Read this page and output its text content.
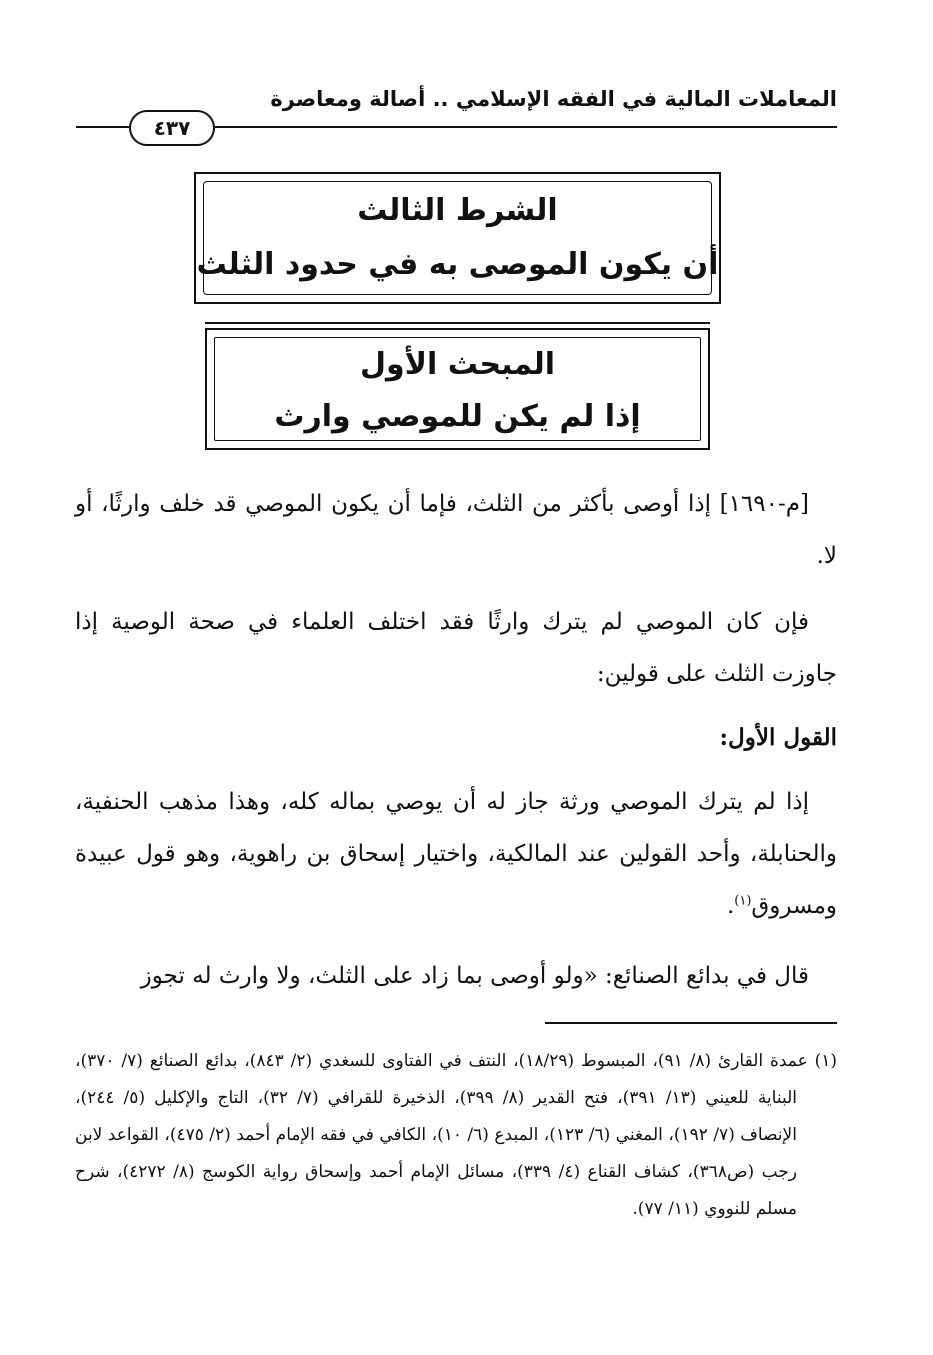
المعاملات المالية في الفقه الإسلامي .. أصالة ومعاصرة
٤٣٧
الشرط الثالث
أن يكون الموصى به في حدود الثلث
المبحث الأول
إذا لم يكن للموصي وارث

[م-١٦٩٠] إذا أوصى بأكثر من الثلث، فإما أن يكون الموصي قد خلف وارثًا، أو لا.

فإن كان الموصي لم يترك وارثًا فقد اختلف العلماء في صحة الوصية إذا جاوزت الثلث على قولين:

القول الأول:

إذا لم يترك الموصي ورثة جاز له أن يوصي بماله كله، وهذا مذهب الحنفية، والحنابلة، وأحد القولين عند المالكية، واختيار إسحاق بن راهوية، وهو قول عبيدة ومسروق$^{(١)}$.

قال في بدائع الصنائع: «ولو أوصى بما زاد على الثلث، ولا وارث له تجوز

(١) عمدة القارئ (٨/ ٩١)، المبسوط (١٨/٢٩)، النتف في الفتاوى للسغدي (٢/ ٨٤٣)، بدائع الصنائع (٧/ ٣٧٠)، البناية للعيني (١٣/ ٣٩١)، فتح القدير (٨/ ٣٩٩)، الذخيرة للقرافي (٧/ ٣٢)، التاج والإكليل (٥/ ٢٤٤)، الإنصاف (٧/ ١٩٢)، المغني (٦/ ١٢٣)، المبدع (٦/ ١٠)، الكافي في فقه الإمام أحمد (٢/ ٤٧٥)، القواعد لابن رجب (ص٣٦٨)، كشاف القناع (٤/ ٣٣٩)، مسائل الإمام أحمد وإسحاق رواية الكوسج (٨/ ٤٢٧٢)، شرح مسلم للنووي (١١/ ٧٧).
